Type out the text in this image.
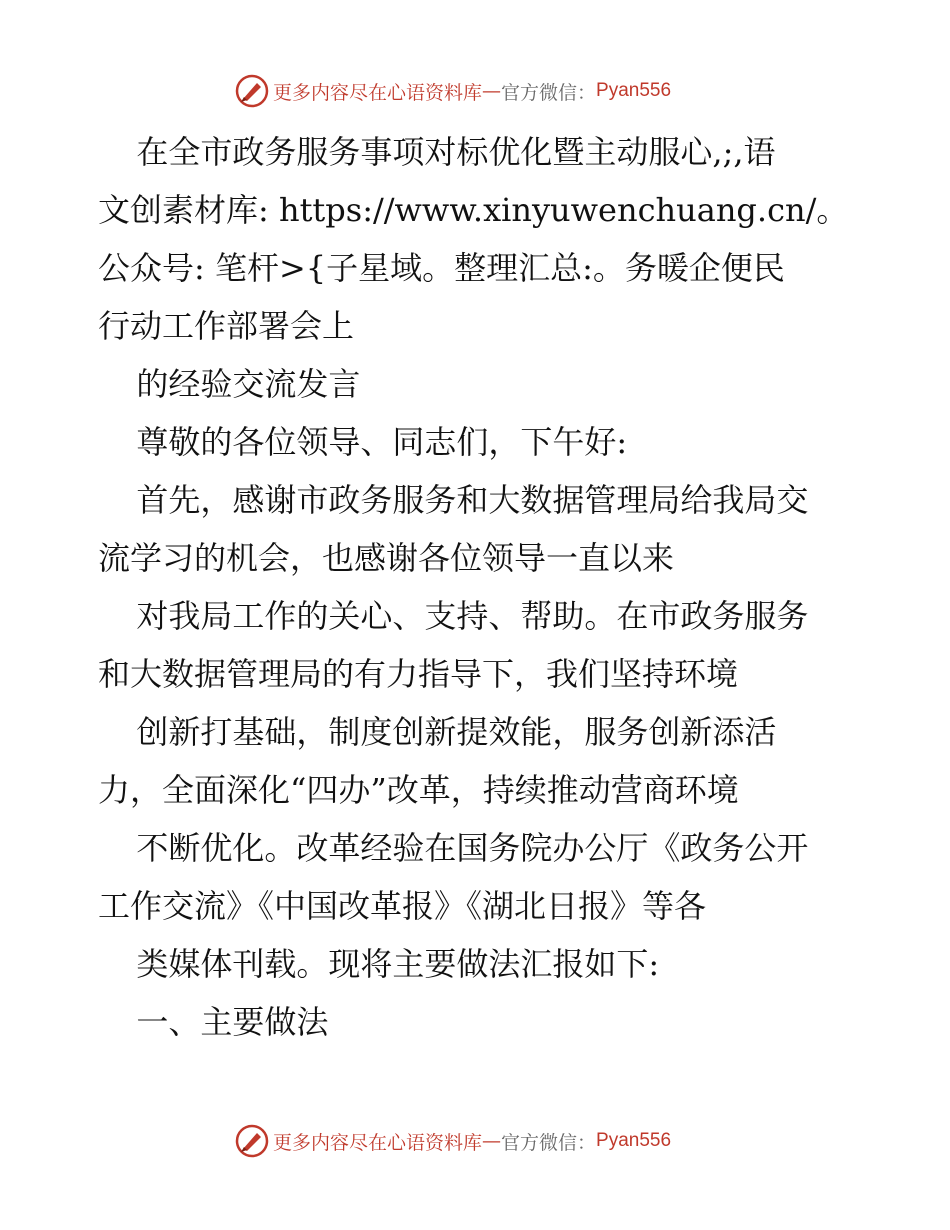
更多内容尽在心语资料库 — 官方微信： Pyan556

在全市政务服务事项对标优化暨主动服心,;,语

文创素材库: https://www.xinyuwenchuang.cn/。

公众号: 笔杆>{子星域。整理汇总:。务暖企便民

行动工作部署会上

的经验交流发言

尊敬的各位领导、同志们，下午好:

首先，感谢市政务服务和大数据管理局给我局交

流学习的机会，也感谢各位领导一直以来

对我局工作的关心、支持、帮助。在市政务服务

和大数据管理局的有力指导下，我们坚持环境

创新打基础，制度创新提效能，服务创新添活

力，全面深化“四办”改革，持续推动营商环境

不断优化。改革经验在国务院办公厅《政务公开

工作交流》《中国改革报》《湖北日报》等各

类媒体刊载。现将主要做法汇报如下:

一、主要做法

更多内容尽在心语资料库 — 官方微信： Pyan556
